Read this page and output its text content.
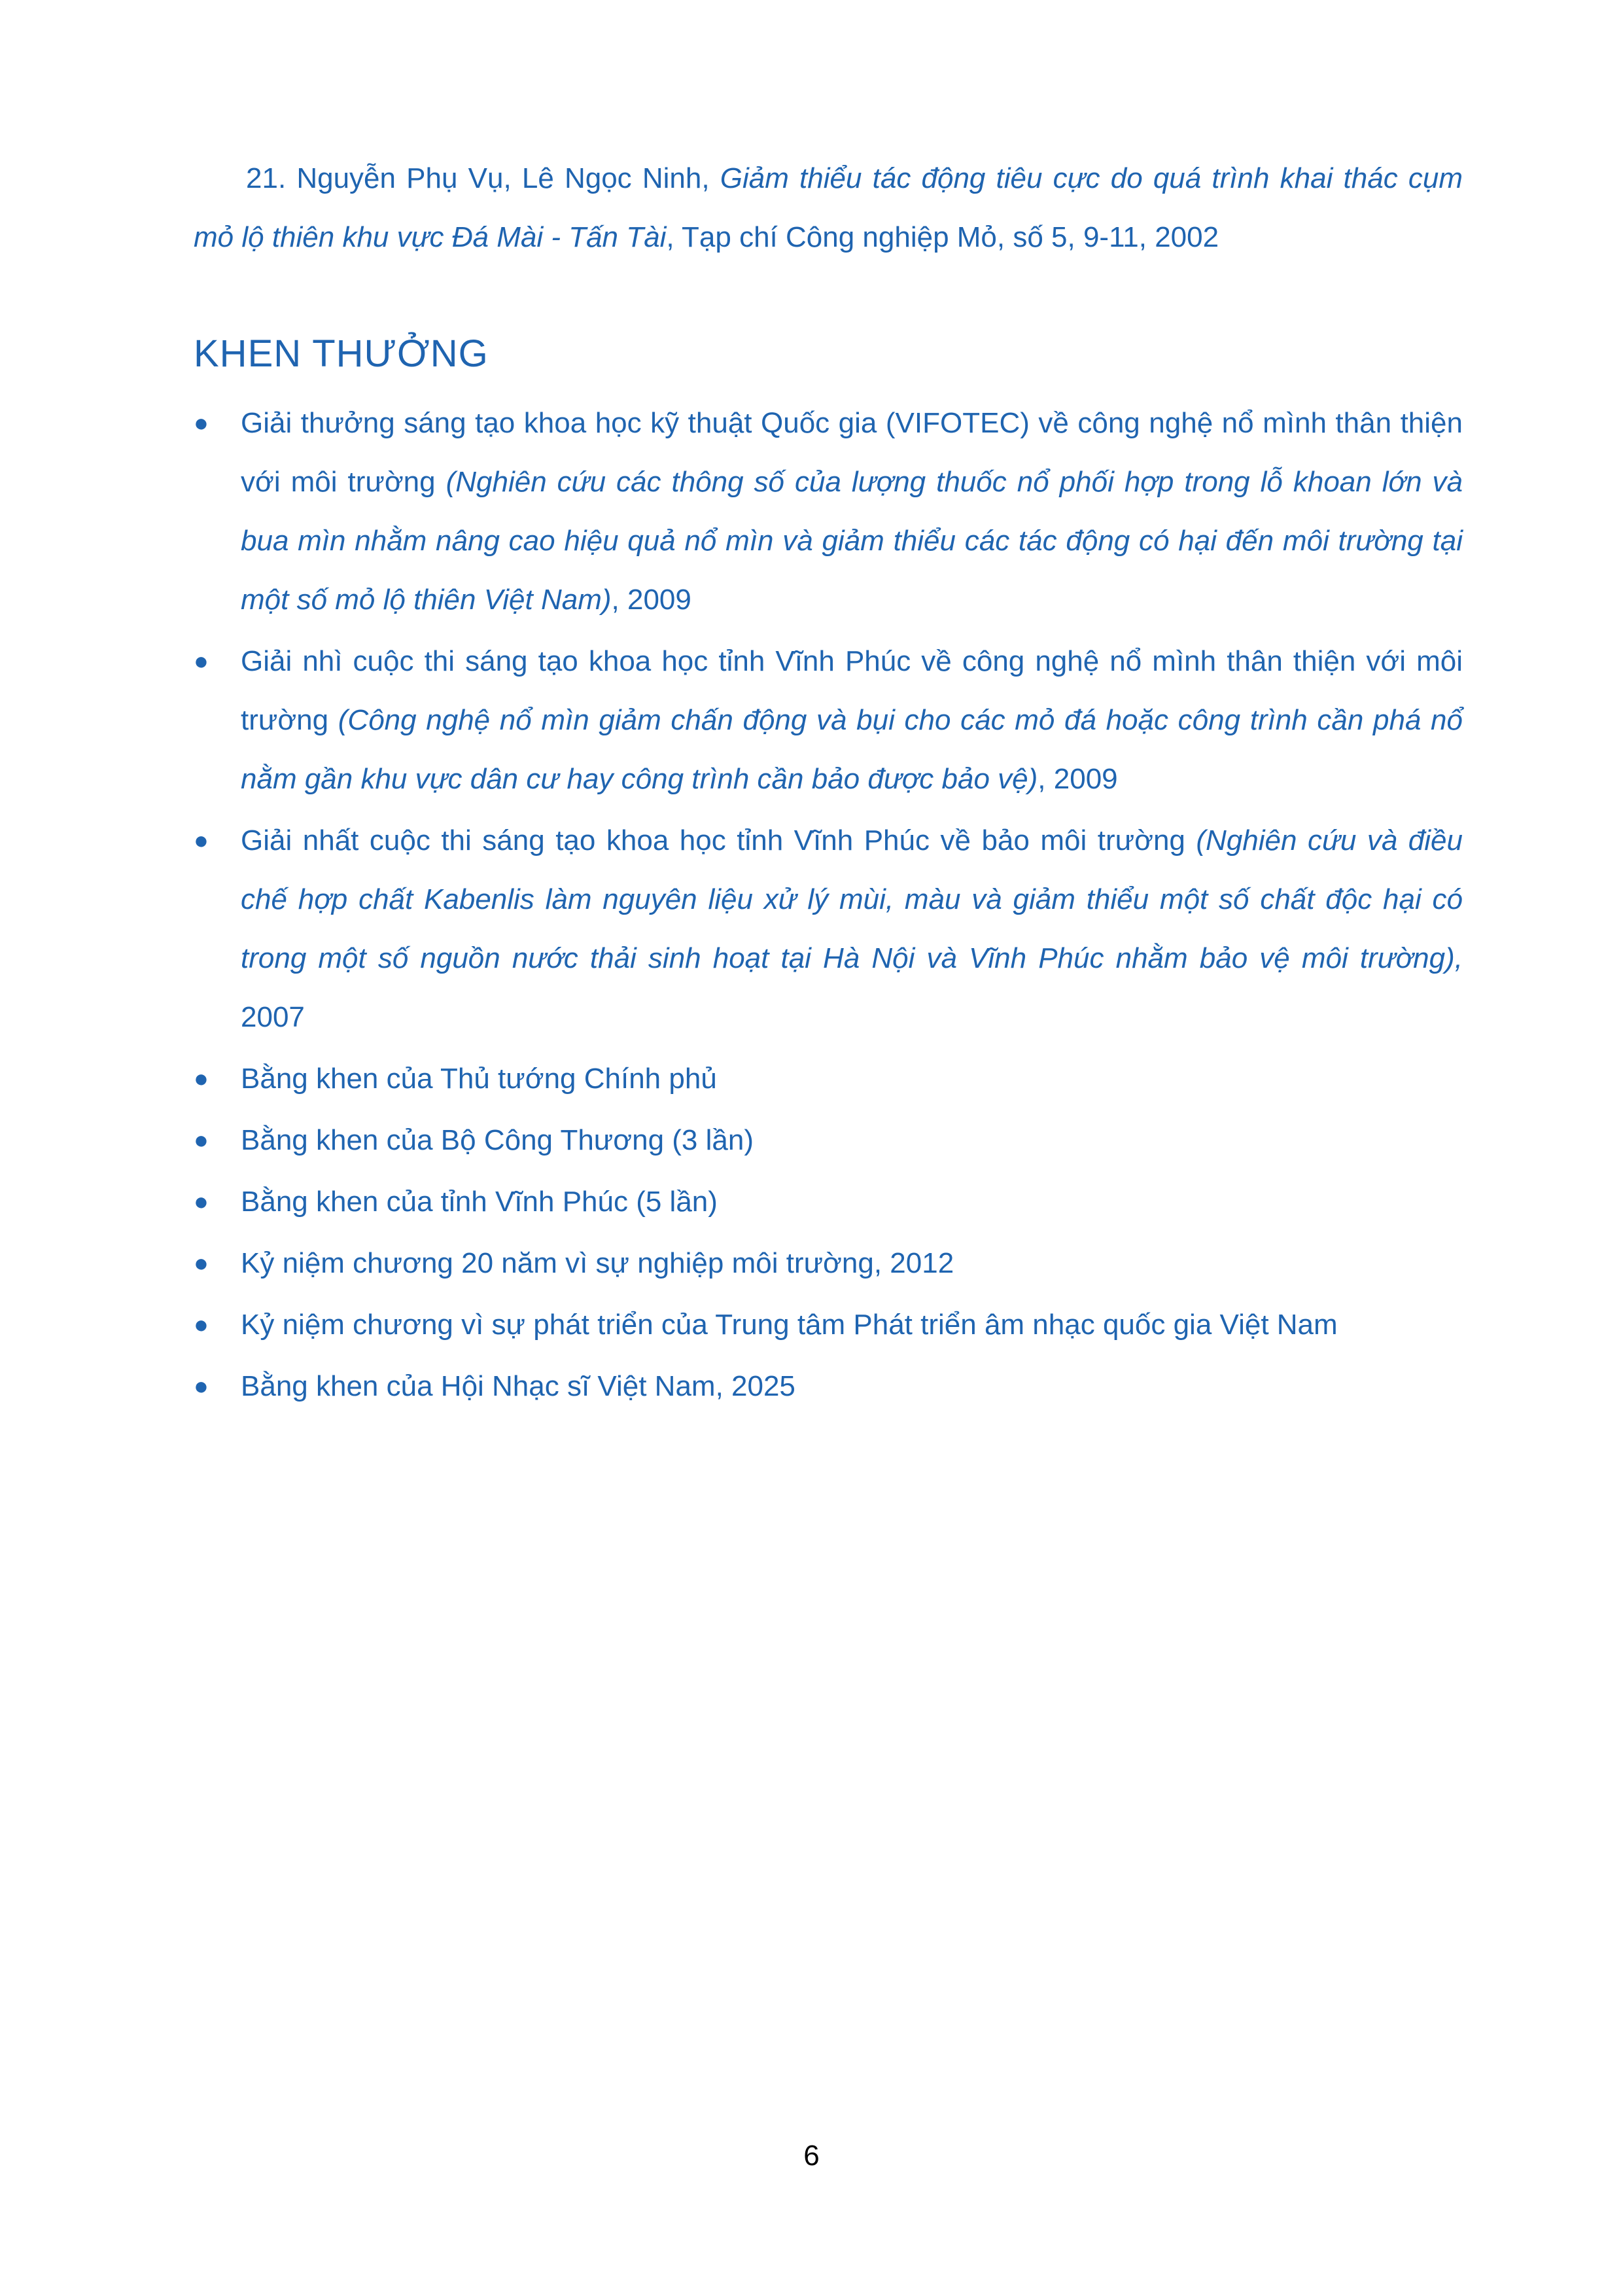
21. Nguyễn Phụ Vụ, Lê Ngọc Ninh, Giảm thiểu tác động tiêu cực do quá trình khai thác cụm mỏ lộ thiên khu vực Đá Mài - Tấn Tài, Tạp chí Công nghiệp Mỏ, số 5, 9-11, 2002

KHEN THƯỞNG
● Giải thưởng sáng tạo khoa học kỹ thuật Quốc gia (VIFOTEC) về công nghệ nổ mình thân thiện với môi trường (Nghiên cứu các thông số của lượng thuốc nổ phối hợp trong lỗ khoan lớn và bua mìn nhằm nâng cao hiệu quả nổ mìn và giảm thiểu các tác động có hại đến môi trường tại một số mỏ lộ thiên Việt Nam), 2009
● Giải nhì cuộc thi sáng tạo khoa học tỉnh Vĩnh Phúc về công nghệ nổ mình thân thiện với môi trường (Công nghệ nổ mìn giảm chấn động và bụi cho các mỏ đá hoặc công trình cần phá nổ nằm gần khu vực dân cư hay công trình cần bảo được bảo vệ), 2009
● Giải nhất cuộc thi sáng tạo khoa học tỉnh Vĩnh Phúc về bảo môi trường (Nghiên cứu và điều chế hợp chất Kabenlis làm nguyên liệu xử lý mùi, màu và giảm thiểu một số chất độc hại có trong một số nguồn nước thải sinh hoạt tại Hà Nội và Vĩnh Phúc nhằm bảo vệ môi trường), 2007
● Bằng khen của Thủ tướng Chính phủ
● Bằng khen của Bộ Công Thương (3 lần)
● Bằng khen của tỉnh Vĩnh Phúc (5 lần)
● Kỷ niệm chương 20 năm vì sự nghiệp môi trường, 2012
● Kỷ niệm chương vì sự phát triển của Trung tâm Phát triển âm nhạc quốc gia Việt Nam
● Bằng khen của Hội Nhạc sĩ Việt Nam, 2025
6
